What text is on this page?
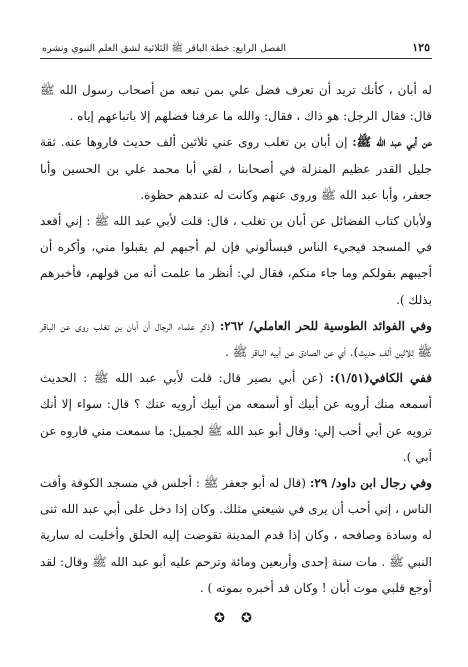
١٢٥
الفصل الرابع: خطة الباقر ﷺ الثلاثية لشق العلم النبوي ونشره

له أبان ، كأنك تريد أن تعرف فضل علي بمن تبعه من أصحاب رسول الله ﷺ قال: فقال الرجل: هو ذاك ، فقال: والله ما عرفنا فضلهم إلا باتباعهم إياه .

عن أبي عبد الله ﷺ: إن أبان بن تغلب روى عني ثلاثين ألف حديث فاروها عنه. ثقة جليل القدر عظيم المنزلة في أصحابنا ، لقي أبا محمد علي بن الحسين وأبا جعفر، وأبا عبد الله ﷺ وروى عنهم وكانت له عندهم حظوة.

ولأبان كتاب الفضائل عن أبان بن تغلب ، قال: قلت لأبي عبد الله ﷺ : إني أقعد في المسجد فيجيء الناس فيسألوني فإن لم أجبهم لم يقبلوا مني، وأكره أن أجيبهم بقولكم وما جاء منكم، فقال لي: أنظر ما علمت أنه من قولهم، فأخبرهم بذلك ).

وفي الفوائد الطوسية للحر العاملي/ ٢٦٢: (ذكر علماء الرجال أن أبان بن تغلب روى عن الباقر ﷺ ثلاثين ألف حديث). أي عن الصادق عن أبيه الباقر ﷺ .

ففي الكافي(١/٥١): (عن أبي بصير قال: قلت لأبي عبد الله ﷺ : الحديث أسمعه منك أرويه عن أبيك أو أسمعه من أبيك أرويه عنك ؟ قال: سواء إلا أنك ترويه عن أبي أحب إلي: وقال أبو عبد الله ﷺ لجميل: ما سمعت مني فاروه عن أبي ).

وفي رجال ابن داود/ ٢٩: (قال له أبو جعفر ﷺ : أجلس في مسجد الكوفة وأفت الناس ، إني أحب أن يرى في شيعتي مثلك. وكان إذا دخل على أبي عبد الله ثنى له وسادة وصافحه ، وكان إذا قدم المدينة تقوضت إليه الحلق وأخليت له سارية النبي ﷺ . مات سنة إحدى وأربعين ومائة وترحم عليه أبو عبد الله ﷺ وقال: لقد أوجع قلبي موت أبان ! وكان قد أخبره بموته ) .

✪ ✪
